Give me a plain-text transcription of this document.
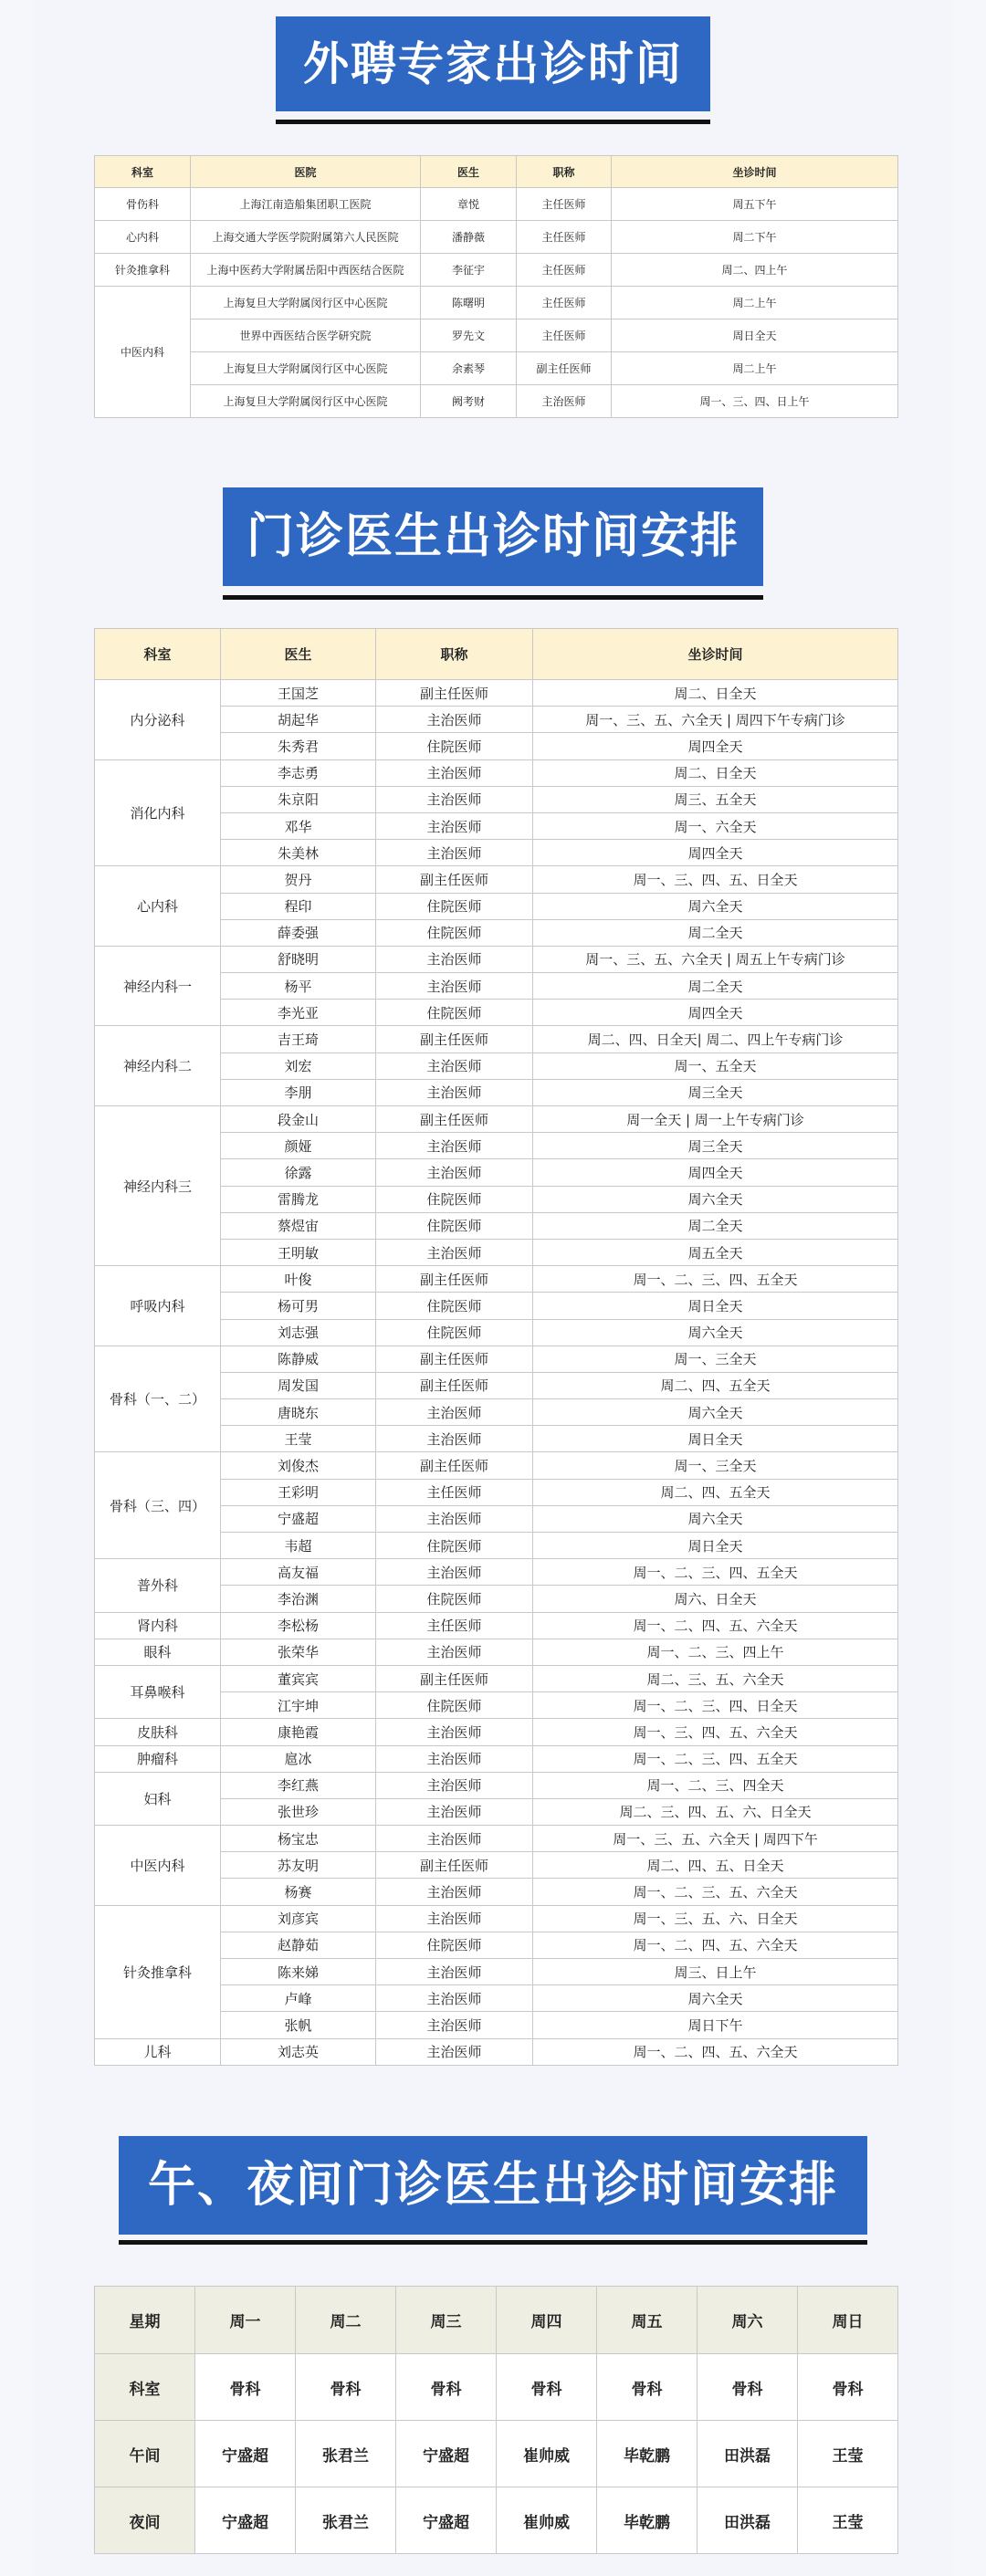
外聘专家出诊时间
科室	医院	医生	职称	坐诊时间
骨伤科	上海江南造船集团职工医院	章悦	主任医师	周五下午
心内科	上海交通大学医学院附属第六人民医院	潘静薇	主任医师	周二下午
针灸推拿科	上海中医药大学附属岳阳中西医结合医院	李征宇	主任医师	周二、四上午
中医内科	上海复旦大学附属闵行区中心医院	陈曙明	主任医师	周二上午
	世界中西医结合医学研究院	罗先文	主任医师	周日全天
	上海复旦大学附属闵行区中心医院	余素琴	副主任医师	周二上午
	上海复旦大学附属闵行区中心医院	阙考财	主治医师	周一、三、四、日上午
门诊医生出诊时间安排
科室	医生	职称	坐诊时间
内分泌科	王国芝	副主任医师	周二、日全天
	胡起华	主治医师	周一、三、五、六全天 | 周四下午专病门诊
	朱秀君	住院医师	周四全天
消化内科	李志勇	主治医师	周二、日全天
	朱京阳	主治医师	周三、五全天
	邓华	主治医师	周一、六全天
	朱美林	主治医师	周四全天
心内科	贺丹	副主任医师	周一、三、四、五、日全天
	程印	住院医师	周六全天
	薛委强	住院医师	周二全天
神经内科一	舒晓明	主治医师	周一、三、五、六全天 | 周五上午专病门诊
	杨平	主治医师	周二全天
	李光亚	住院医师	周四全天
神经内科二	吉王琦	副主任医师	周二、四、日全天| 周二、四上午专病门诊
	刘宏	主治医师	周一、五全天
	李朋	主治医师	周三全天
神经内科三	段金山	副主任医师	周一全天 | 周一上午专病门诊
	颜娅	主治医师	周三全天
	徐露	主治医师	周四全天
	雷腾龙	住院医师	周六全天
	蔡煜宙	住院医师	周二全天
	王明敏	主治医师	周五全天
呼吸内科	叶俊	副主任医师	周一、二、三、四、五全天
	杨可男	住院医师	周日全天
	刘志强	住院医师	周六全天
骨科（一、二）	陈静威	副主任医师	周一、三全天
	周发国	副主任医师	周二、四、五全天
	唐晓东	主治医师	周六全天
	王莹	主治医师	周日全天
骨科（三、四）	刘俊杰	副主任医师	周一、三全天
	王彩明	主任医师	周二、四、五全天
	宁盛超	主治医师	周六全天
	韦超	住院医师	周日全天
普外科	高友福	主治医师	周一、二、三、四、五全天
	李治渊	住院医师	周六、日全天
肾内科	李松杨	主任医师	周一、二、四、五、六全天
眼科	张荣华	主治医师	周一、二、三、四上午
耳鼻喉科	董宾宾	副主任医师	周二、三、五、六全天
	江宇坤	住院医师	周一、二、三、四、日全天
皮肤科	康艳霞	主治医师	周一、三、四、五、六全天
肿瘤科	扈冰	主治医师	周一、二、三、四、五全天
妇科	李红燕	主治医师	周一、二、三、四全天
	张世珍	主治医师	周二、三、四、五、六、日全天
中医内科	杨宝忠	主治医师	周一、三、五、六全天 | 周四下午
	苏友明	副主任医师	周二、四、五、日全天
	杨赛	主治医师	周一、二、三、五、六全天
针灸推拿科	刘彦宾	主治医师	周一、三、五、六、日全天
	赵静茹	住院医师	周一、二、四、五、六全天
	陈来娣	主治医师	周三、日上午
	卢峰	主治医师	周六全天
	张帆	主治医师	周日下午
儿科	刘志英	主治医师	周一、二、四、五、六全天
午、夜间门诊医生出诊时间安排
星期	周一	周二	周三	周四	周五	周六	周日
科室	骨科	骨科	骨科	骨科	骨科	骨科	骨科
午间	宁盛超	张君兰	宁盛超	崔帅威	毕乾鹏	田洪磊	王莹
夜间	宁盛超	张君兰	宁盛超	崔帅威	毕乾鹏	田洪磊	王莹
